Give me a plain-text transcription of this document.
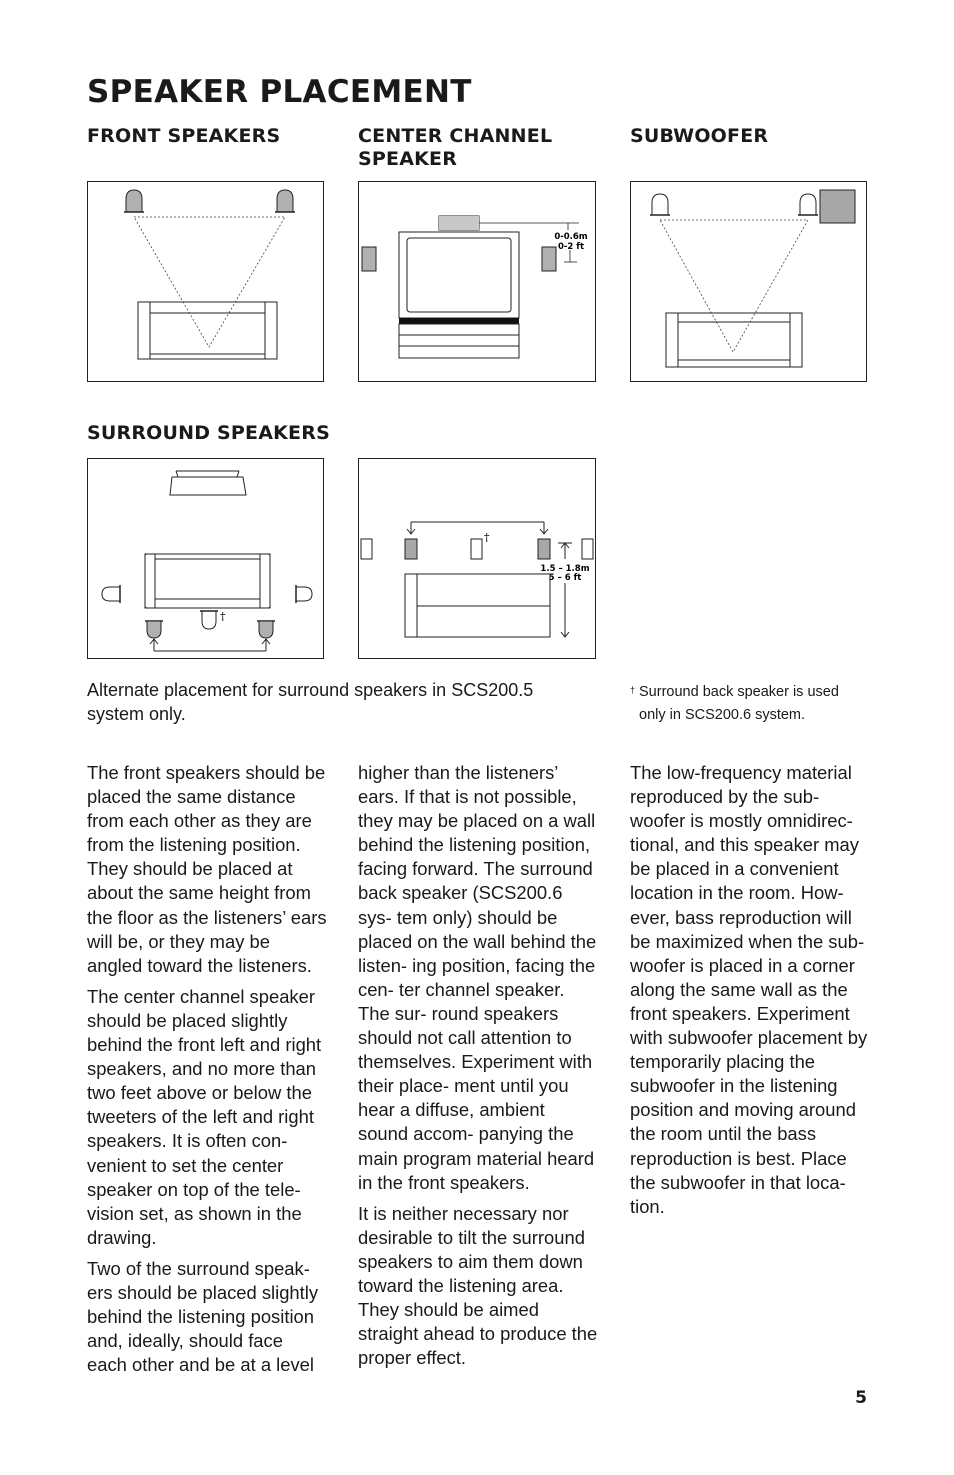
SPEAKER PLACEMENT
FRONT SPEAKERS	CENTER CHANNEL SPEAKER
SUBWOOFER
SURROUND SPEAKERS
0-0.6m
0-2 ft
†
†
1.5 – 1.8m
5 – 6 ft
Alternate placement for surround speakers in SCS200.5 system only.
† Surround back speaker is used only in SCS200.6 system.

The front speakers should be placed the same distance from each other as they are from the listening position. They should be placed at about the same height from the floor as the listeners’ ears will be, or they may be angled toward the listeners.

The center channel speaker should be placed slightly behind the front left and right speakers, and no more than two feet above or below the tweeters of the left and right speakers. It is often con- venient to set the center speaker on top of the tele- vision set, as shown in the drawing.

Two of the surround speak- ers should be placed slightly behind the listening position and, ideally, should face each other and be at a level

higher than the listeners’ ears. If that is not possible, they may be placed on a wall behind the listening position, facing forward. The surround back speaker (SCS200.6 sys- tem only) should be placed on the wall behind the listen- ing position, facing the cen- ter channel speaker. The sur- round speakers should not call attention to themselves. Experiment with their place- ment until you hear a diffuse, ambient sound accom- panying the main program material heard in the front speakers.

It is neither necessary nor desirable to tilt the surround speakers to aim them down toward the listening area. They should be aimed straight ahead to produce the proper effect.

The low-frequency material reproduced by the sub- woofer is mostly omnidirec- tional, and this speaker may be placed in a convenient location in the room. How- ever, bass reproduction will be maximized when the sub- woofer is placed in a corner along the same wall as the front speakers. Experiment with subwoofer placement by temporarily placing the subwoofer in the listening position and moving around the room until the bass reproduction is best. Place the subwoofer in that loca- tion.

5
